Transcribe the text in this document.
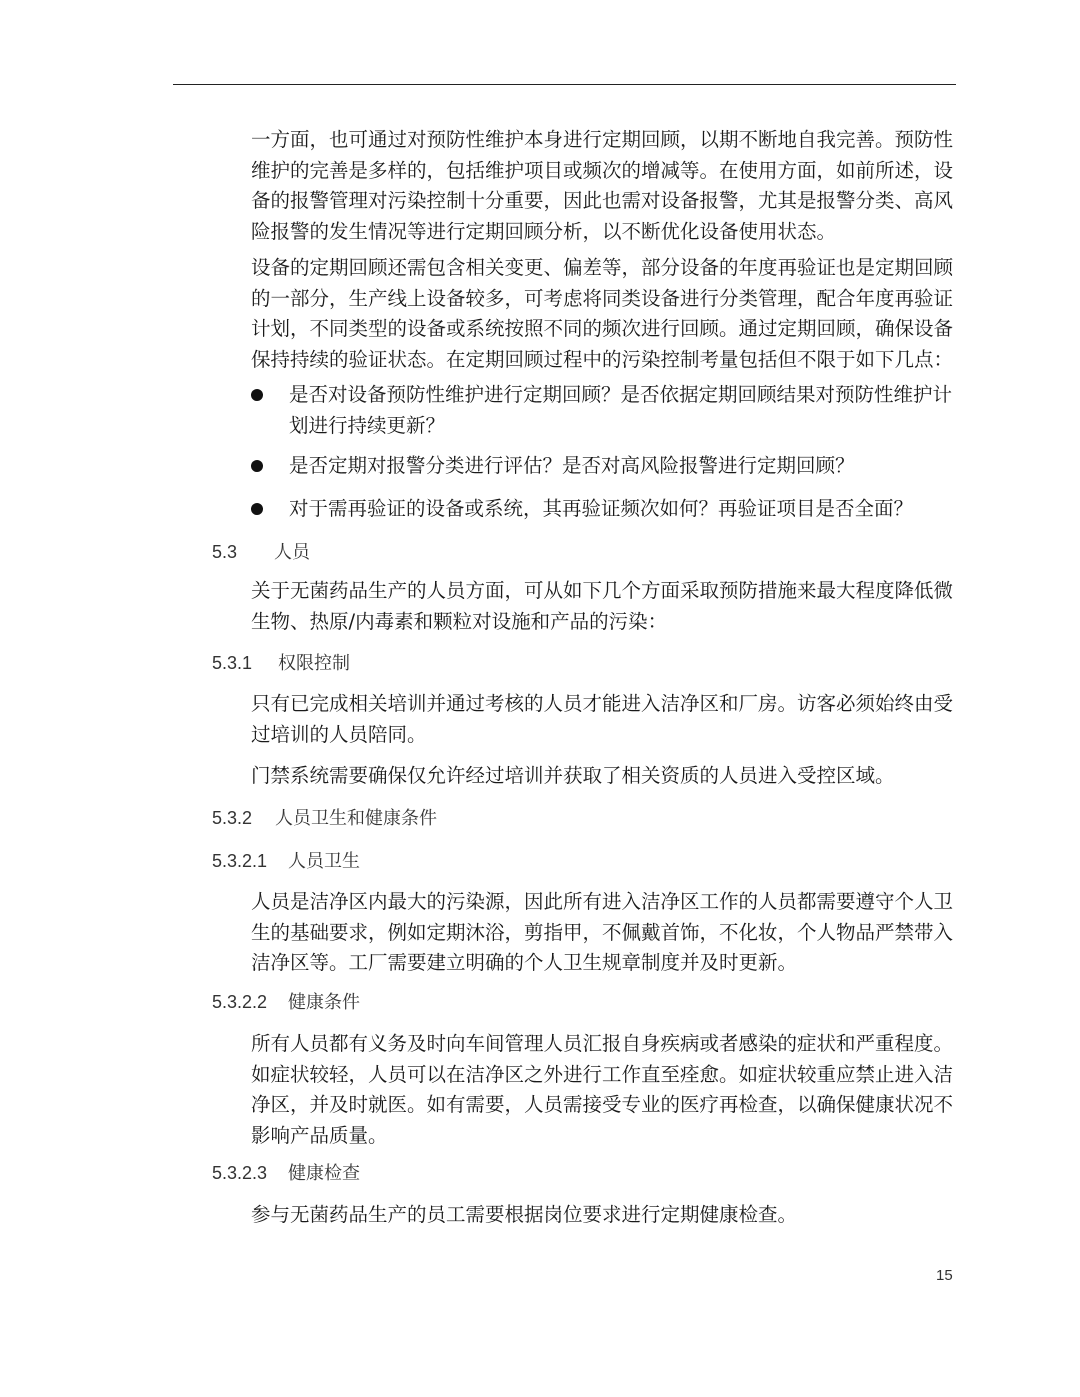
一方面，也可通过对预防性维护本身进行定期回顾，以期不断地自我完善。预防性
维护的完善是多样的，包括维护项目或频次的增减等。在使用方面，如前所述，设
备的报警管理对污染控制十分重要，因此也需对设备报警，尤其是报警分类、高风
险报警的发生情况等进行定期回顾分析，以不断优化设备使用状态。
设备的定期回顾还需包含相关变更、偏差等，部分设备的年度再验证也是定期回顾
的一部分，生产线上设备较多，可考虑将同类设备进行分类管理，配合年度再验证
计划，不同类型的设备或系统按照不同的频次进行回顾。通过定期回顾，确保设备
保持持续的验证状态。在定期回顾过程中的污染控制考量包括但不限于如下几点：
是否对设备预防性维护进行定期回顾？是否依据定期回顾结果对预防性维护计
划进行持续更新？
是否定期对报警分类进行评估？是否对高风险报警进行定期回顾？
对于需再验证的设备或系统，其再验证频次如何？再验证项目是否全面？
5.3 人员
关于无菌药品生产的人员方面，可从如下几个方面采取预防措施来最大程度降低微
生物、热原/内毒素和颗粒对设施和产品的污染：
5.3.1 权限控制
只有已完成相关培训并通过考核的人员才能进入洁净区和厂房。访客必须始终由受
过培训的人员陪同。
门禁系统需要确保仅允许经过培训并获取了相关资质的人员进入受控区域。
5.3.2 人员卫生和健康条件
5.3.2.1 人员卫生
人员是洁净区内最大的污染源，因此所有进入洁净区工作的人员都需要遵守个人卫
生的基础要求，例如定期沐浴，剪指甲，不佩戴首饰，不化妆，个人物品严禁带入
洁净区等。工厂需要建立明确的个人卫生规章制度并及时更新。
5.3.2.2 健康条件
所有人员都有义务及时向车间管理人员汇报自身疾病或者感染的症状和严重程度。
如症状较轻，人员可以在洁净区之外进行工作直至痊愈。如症状较重应禁止进入洁
净区，并及时就医。如有需要，人员需接受专业的医疗再检查，以确保健康状况不
影响产品质量。
5.3.2.3 健康检查
参与无菌药品生产的员工需要根据岗位要求进行定期健康检查。
15
